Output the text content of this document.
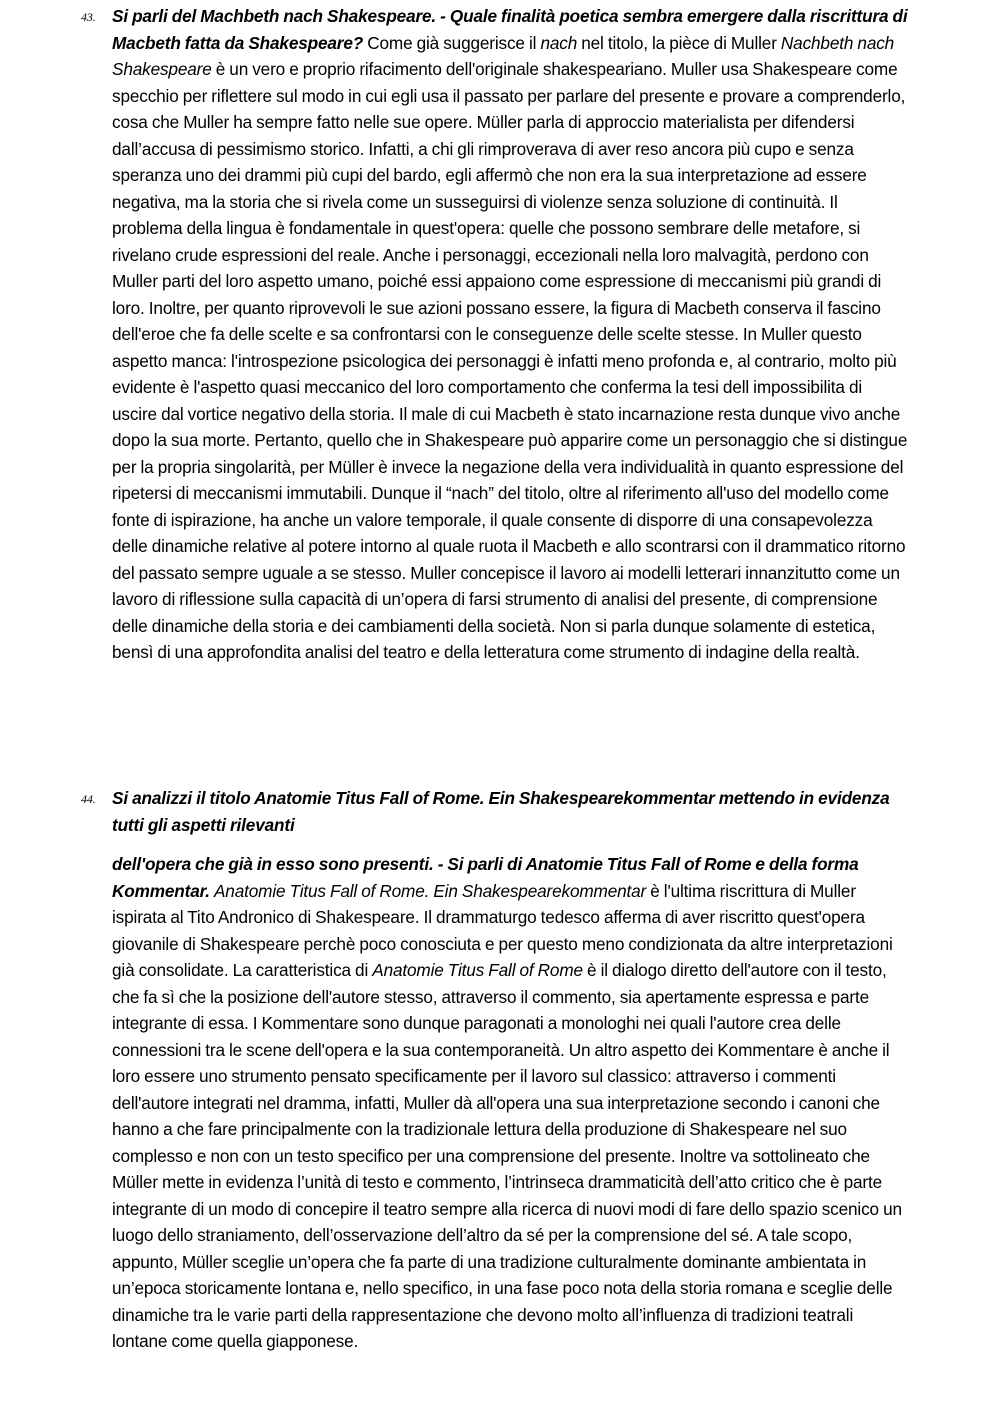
43. Si parli del Machbeth nach Shakespeare. - Quale finalità poetica sembra emergere dalla riscrittura di Macbeth fatta da Shakespeare? Come già suggerisce il nach nel titolo, la pièce di Muller Nachbeth nach Shakespeare è un vero e proprio rifacimento dell'originale shakespeariano. Muller usa Shakespeare come specchio per riflettere sul modo in cui egli usa il passato per parlare del presente e provare a comprenderlo, cosa che Muller ha sempre fatto nelle sue opere. Müller parla di approccio materialista per difendersi dall’accusa di pessimismo storico. Infatti, a chi gli rimproverava di aver reso ancora più cupo e senza speranza uno dei drammi più cupi del bardo, egli affermò che non era la sua interpretazione ad essere negativa, ma la storia che si rivela come un susseguirsi di violenze senza soluzione di continuità. Il problema della lingua è fondamentale in quest'opera: quelle che possono sembrare delle metafore, si rivelano crude espressioni del reale. Anche i personaggi, eccezionali nella loro malvagità, perdono con Muller parti del loro aspetto umano, poiché essi appaiono come espressione di meccanismi più grandi di loro. Inoltre, per quanto riprovevoli le sue azioni possano essere, la figura di Macbeth conserva il fascino dell'eroe che fa delle scelte e sa confrontarsi con le conseguenze delle scelte stesse. In Muller questo aspetto manca: l'introspezione psicologica dei personaggi è infatti meno profonda e, al contrario, molto più evidente è l'aspetto quasi meccanico del loro comportamento che conferma la tesi dell impossibilita di uscire dal vortice negativo della storia. Il male di cui Macbeth è stato incarnazione resta dunque vivo anche dopo la sua morte. Pertanto, quello che in Shakespeare può apparire come un personaggio che si distingue per la propria singolarità, per Müller è invece la negazione della vera individualità in quanto espressione del ripetersi di meccanismi immutabili. Dunque il “nach” del titolo, oltre al riferimento all'uso del modello come fonte di ispirazione, ha anche un valore temporale, il quale consente di disporre di una consapevolezza delle dinamiche relative al potere intorno al quale ruota il Macbeth e allo scontrarsi con il drammatico ritorno del passato sempre uguale a se stesso. Muller concepisce il lavoro ai modelli letterari innanzitutto come un lavoro di riflessione sulla capacità di un’opera di farsi strumento di analisi del presente, di comprensione delle dinamiche della storia e dei cambiamenti della società. Non si parla dunque solamente di estetica, bensì di una approfondita analisi del teatro e della letteratura come strumento di indagine della realtà.

44. Si analizzi il titolo Anatomie Titus Fall of Rome. Ein Shakespearekommentar mettendo in evidenza tutti gli aspetti rilevanti

dell'opera che già in esso sono presenti. - Si parli di Anatomie Titus Fall of Rome e della forma Kommentar. Anatomie Titus Fall of Rome. Ein Shakespearekommentar è l'ultima riscrittura di Muller ispirata al Tito Andronico di Shakespeare. Il drammaturgo tedesco afferma di aver riscritto quest'opera giovanile di Shakespeare perchè poco conosciuta e per questo meno condizionata da altre interpretazioni già consolidate. La caratteristica di Anatomie Titus Fall of Rome è il dialogo diretto dell'autore con il testo, che fa sì che la posizione dell'autore stesso, attraverso il commento, sia apertamente espressa e parte integrante di essa. I Kommentare sono dunque paragonati a monologhi nei quali l'autore crea delle connessioni tra le scene dell'opera e la sua contemporaneità. Un altro aspetto dei Kommentare è anche il loro essere uno strumento pensato specificamente per il lavoro sul classico: attraverso i commenti dell'autore integrati nel dramma, infatti, Muller dà all'opera una sua interpretazione secondo i canoni che hanno a che fare principalmente con la tradizionale lettura della produzione di Shakespeare nel suo complesso e non con un testo specifico per una comprensione del presente. Inoltre va sottolineato che Müller mette in evidenza l’unità di testo e commento, l’intrinseca drammaticità dell’atto critico che è parte integrante di un modo di concepire il teatro sempre alla ricerca di nuovi modi di fare dello spazio scenico un luogo dello straniamento, dell’osservazione dell’altro da sé per la comprensione del sé. A tale scopo, appunto, Müller sceglie un’opera che fa parte di una tradizione culturalmente dominante ambientata in un’epoca storicamente lontana e, nello specifico, in una fase poco nota della storia romana e sceglie delle dinamiche tra le varie parti della rappresentazione che devono molto all’influenza di tradizioni teatrali lontane come quella giapponese.
